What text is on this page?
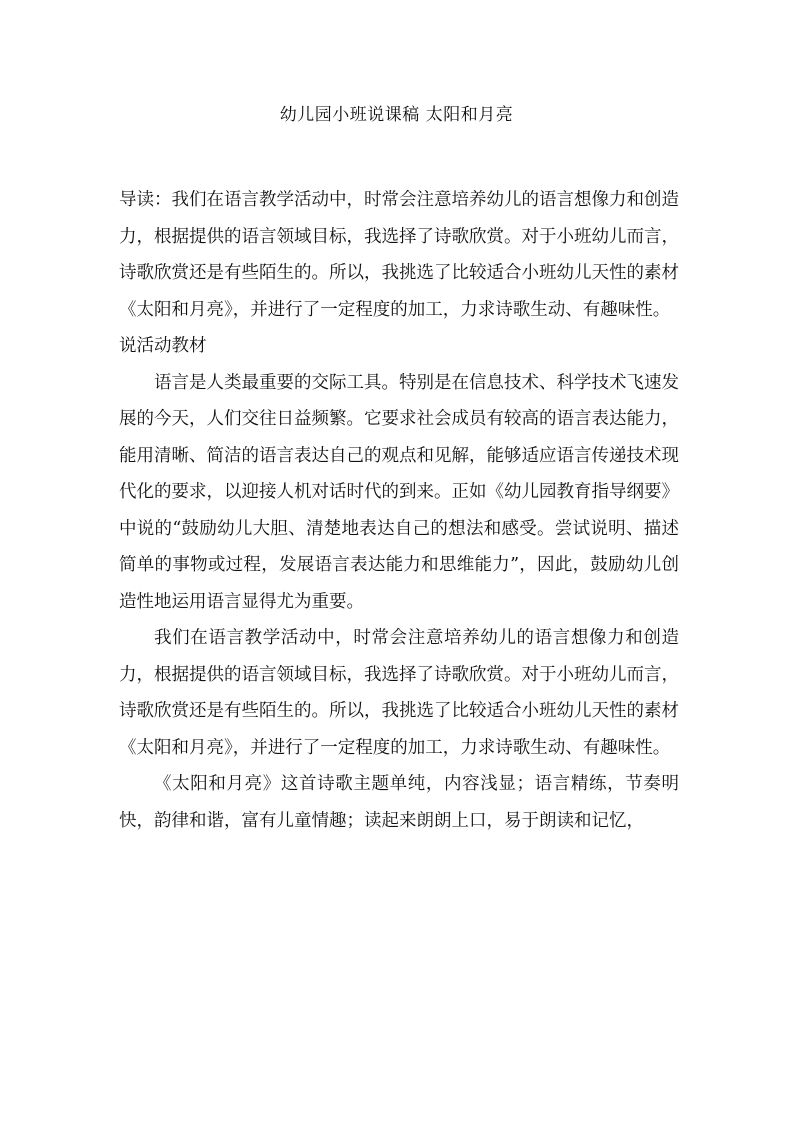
幼儿园小班说课稿 太阳和月亮

导读：我们在语言教学活动中，时常会注意培养幼儿的语言想像力和创造力，根据提供的语言领域目标，我选择了诗歌欣赏。对于小班幼儿而言，诗歌欣赏还是有些陌生的。所以，我挑选了比较适合小班幼儿天性的素材《太阳和月亮》，并进行了一定程度的加工，力求诗歌生动、有趣味性。

说活动教材

语言是人类最重要的交际工具。特别是在信息技术、科学技术飞速发展的今天，人们交往日益频繁。它要求社会成员有较高的语言表达能力，能用清晰、简洁的语言表达自己的观点和见解，能够适应语言传递技术现代化的要求，以迎接人机对话时代的到来。正如《幼儿园教育指导纲要》中说的“鼓励幼儿大胆、清楚地表达自己的想法和感受。尝试说明、描述简单的事物或过程，发展语言表达能力和思维能力”，因此，鼓励幼儿创造性地运用语言显得尤为重要。

我们在语言教学活动中，时常会注意培养幼儿的语言想像力和创造力，根据提供的语言领域目标，我选择了诗歌欣赏。对于小班幼儿而言，诗歌欣赏还是有些陌生的。所以，我挑选了比较适合小班幼儿天性的素材《太阳和月亮》，并进行了一定程度的加工，力求诗歌生动、有趣味性。

《太阳和月亮》这首诗歌主题单纯，内容浅显；语言精练，节奏明快，韵律和谐，富有儿童情趣；读起来朗朗上口，易于朗读和记忆，
